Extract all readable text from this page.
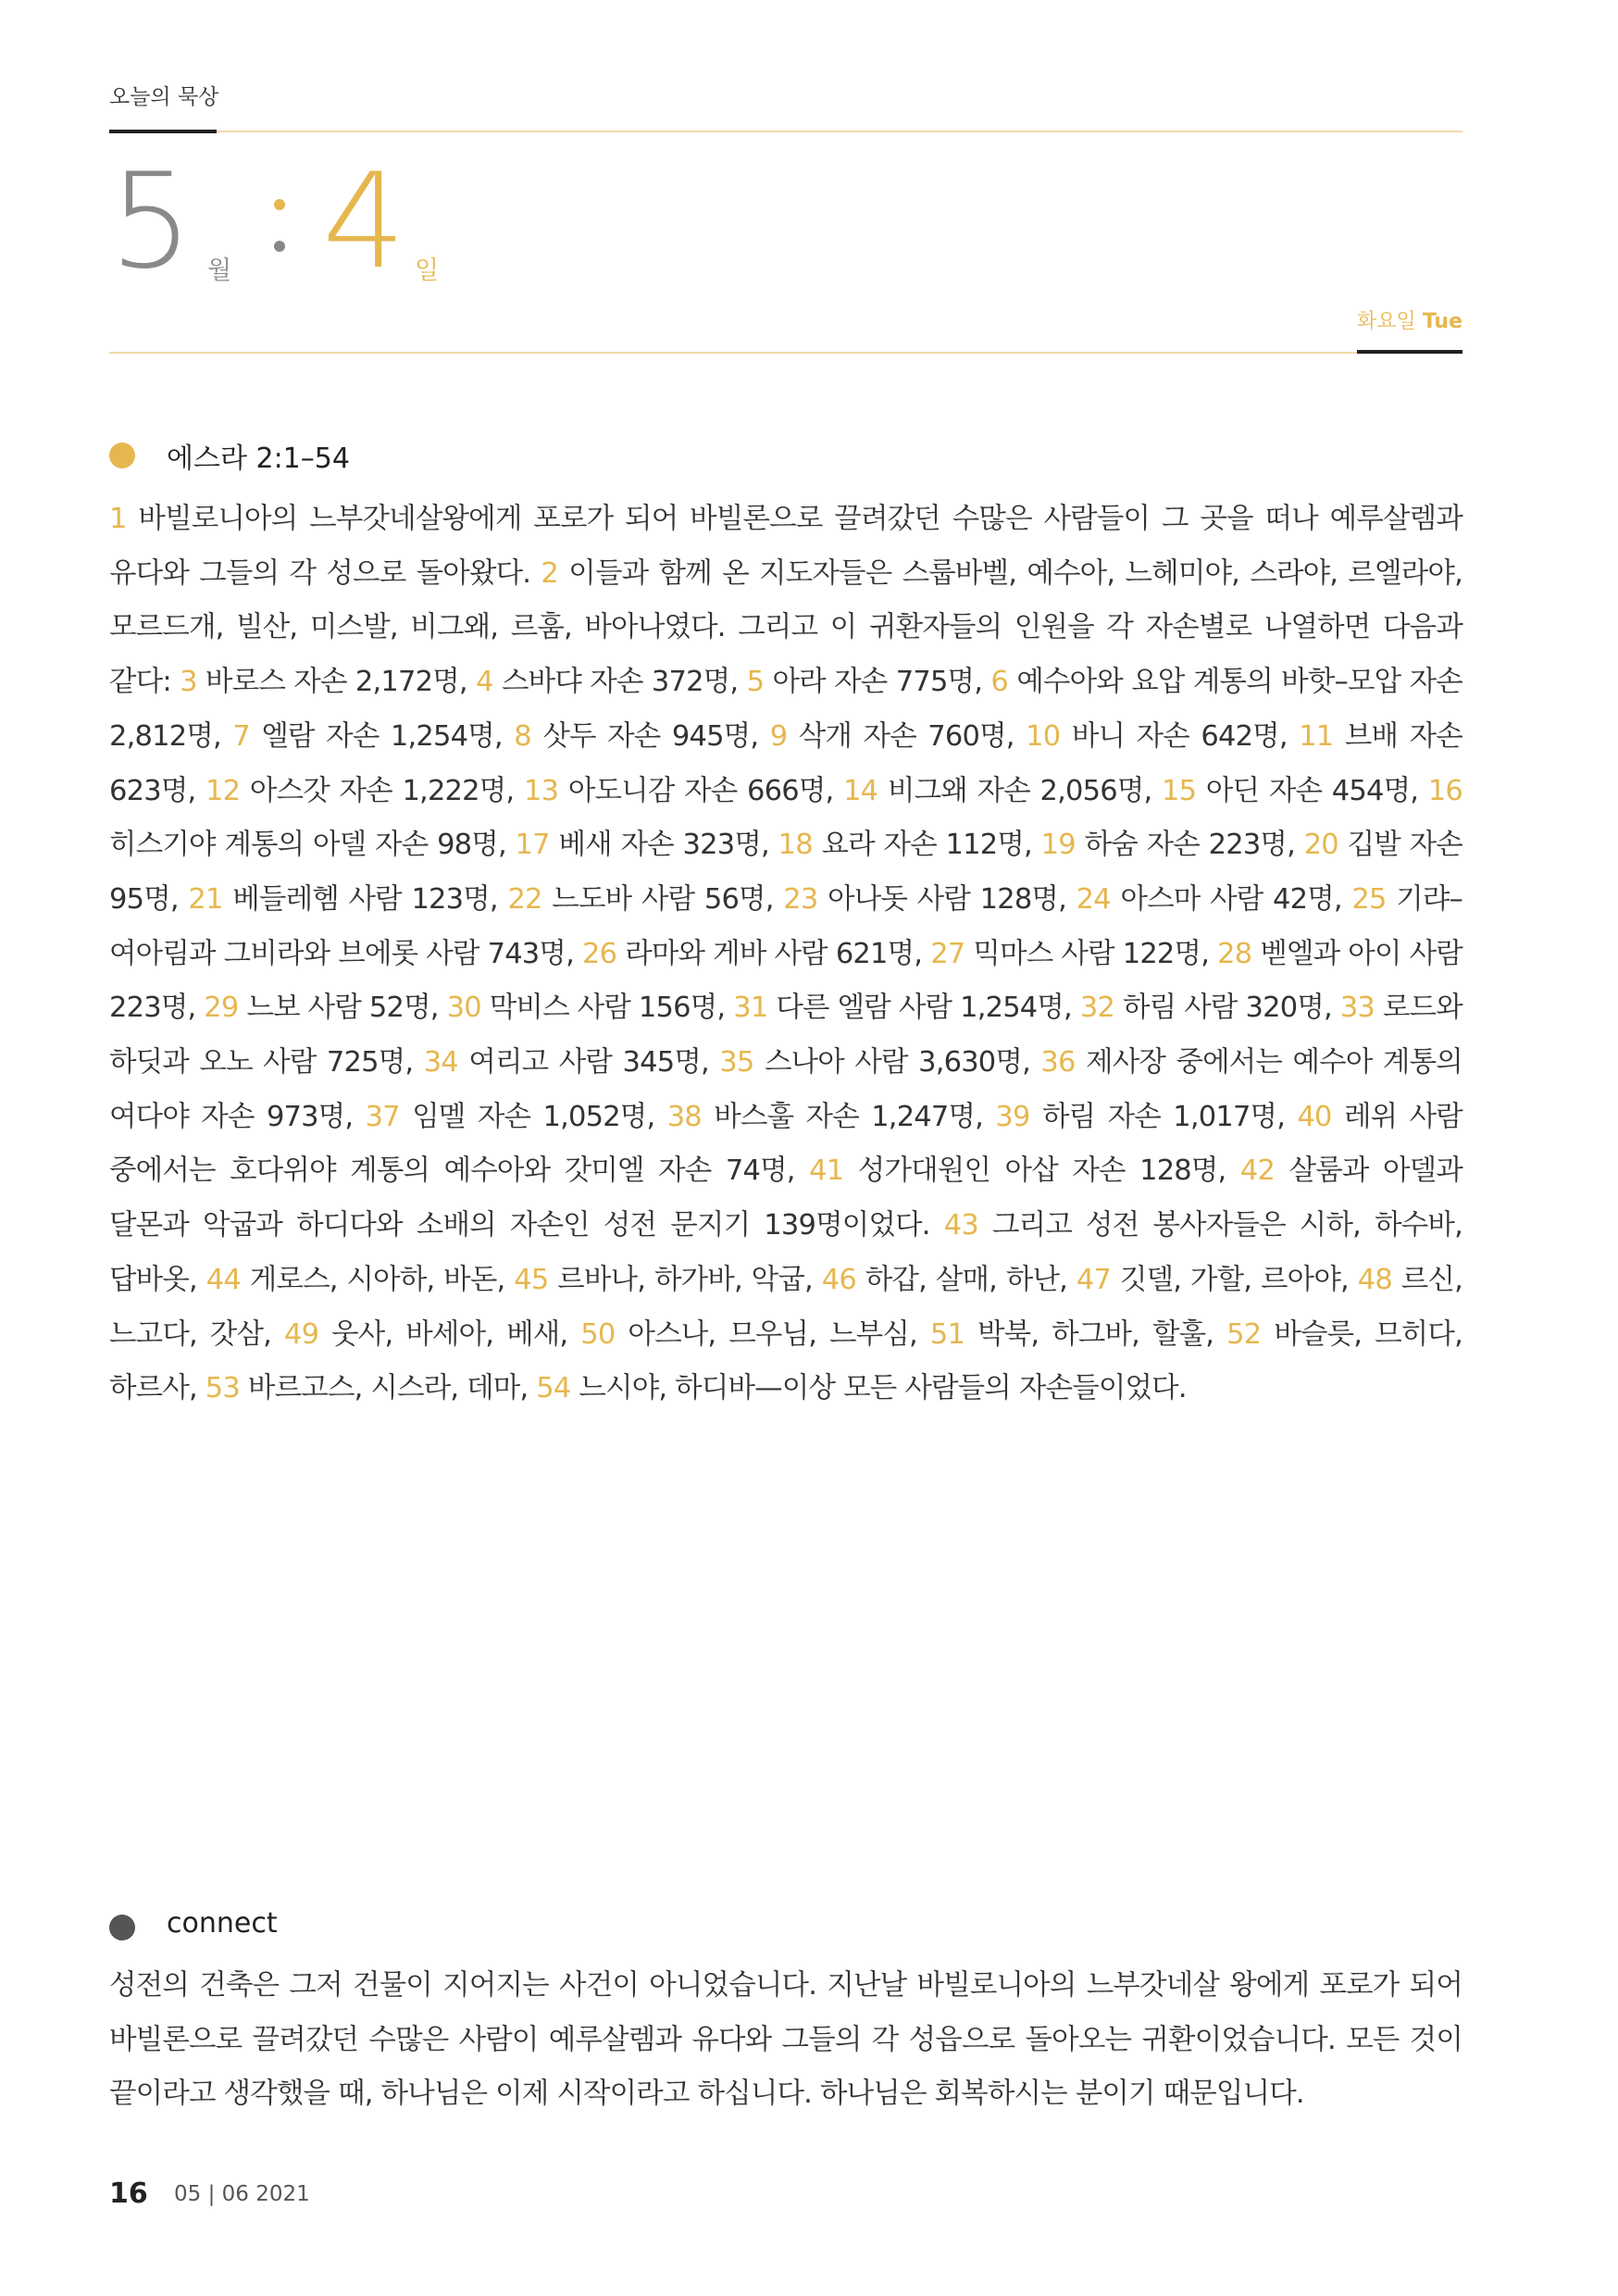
오늘의 묵상
5 월 4 일
화요일 Tue
에스라 2:1–54
1 바빌로니아의 느부갓네살왕에게 포로가 되어 바빌론으로 끌려갔던 수많은 사람들이 그 곳을 떠나 예루살렘과 유다와 그들의 각 성으로 돌아왔다. 2 이들과 함께 온 지도자들은 스룹바벨, 예수아, 느헤미야, 스라야, 르엘라야, 모르드개, 빌산, 미스발, 비그왜, 르훔, 바아나였다. 그리고 이 귀환자들의 인원을 각 자손별로 나열하면 다음과 같다: 3 바로스 자손 2,172명, 4 스바댜 자손 372명, 5 아라 자손 775명, 6 예수아와 요압 계통의 바핫–모압 자손 2,812명, 7 엘람 자손 1,254명, 8 삿두 자손 945명, 9 삭개 자손 760명, 10 바니 자손 642명, 11 브배 자손 623명, 12 아스갓 자손 1,222명, 13 아도니감 자손 666명, 14 비그왜 자손 2,056명, 15 아딘 자손 454명, 16 히스기야 계통의 아델 자손 98명, 17 베새 자손 323명, 18 요라 자손 112명, 19 하숨 자손 223명, 20 깁발 자손 95명, 21 베들레헴 사람 123명, 22 느도바 사람 56명, 23 아나돗 사람 128명, 24 아스마 사람 42명, 25 기랴–여아림과 그비라와 브에롯 사람 743명, 26 라마와 게바 사람 621명, 27 믹마스 사람 122명, 28 벧엘과 아이 사람 223명, 29 느보 사람 52명, 30 막비스 사람 156명, 31 다른 엘람 사람 1,254명, 32 하림 사람 320명, 33 로드와 하딧과 오노 사람 725명, 34 여리고 사람 345명, 35 스나아 사람 3,630명, 36 제사장 중에서는 예수아 계통의 여다야 자손 973명, 37 임멜 자손 1,052명, 38 바스훌 자손 1,247명, 39 하림 자손 1,017명, 40 레위 사람 중에서는 호다위야 계통의 예수아와 갓미엘 자손 74명, 41 성가대원인 아삽 자손 128명, 42 살룸과 아델과 달몬과 악굽과 하디다와 소배의 자손인 성전 문지기 139명이었다. 43 그리고 성전 봉사자들은 시하, 하수바, 답바옷, 44 게로스, 시아하, 바돈, 45 르바나, 하가바, 악굽, 46 하갑, 살매, 하난, 47 깃델, 가할, 르아야, 48 르신, 느고다, 갓삼, 49 웃사, 바세아, 베새, 50 아스나, 므우님, 느부심, 51 박북, 하그바, 할훌, 52 바슬릇, 므히다, 하르사, 53 바르고스, 시스라, 데마, 54 느시야, 하디바—이상 모든 사람들의 자손들이었다.
connect
성전의 건축은 그저 건물이 지어지는 사건이 아니었습니다. 지난날 바빌로니아의 느부갓네살 왕에게 포로가 되어 바빌론으로 끌려갔던 수많은 사람이 예루살렘과 유다와 그들의 각 성읍으로 돌아오는 귀환이었습니다. 모든 것이 끝이라고 생각했을 때, 하나님은 이제 시작이라고 하십니다. 하나님은 회복하시는 분이기 때문입니다.
16 05 | 06 2021
